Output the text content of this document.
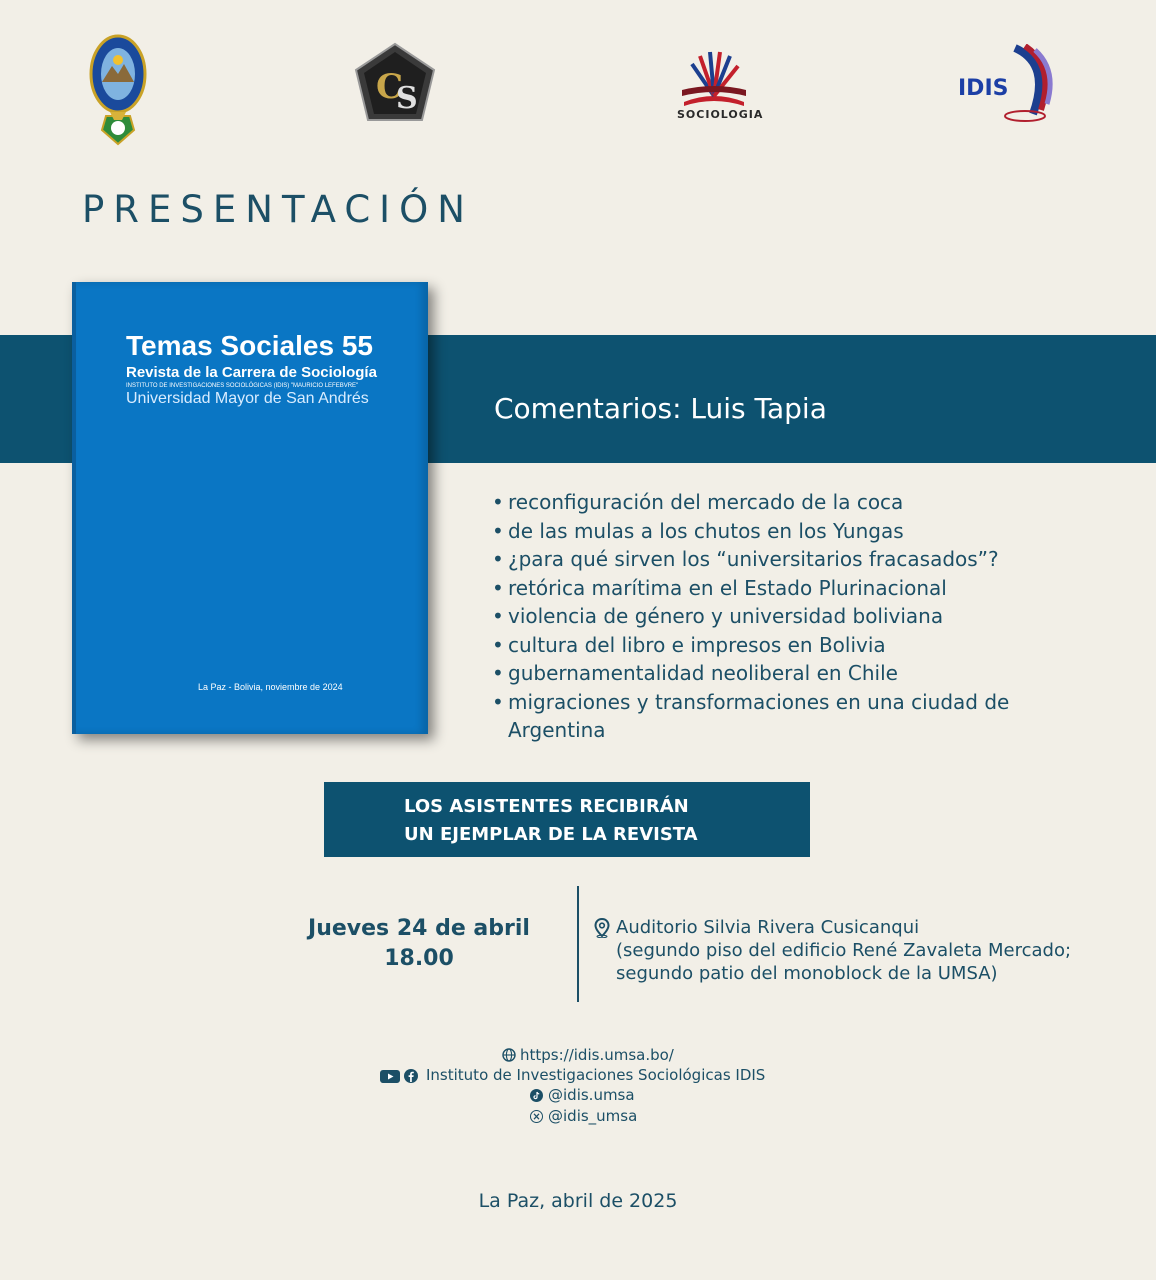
C
S	SOCIOLOGIA
IDIS
PRESENTACIÓN
Comentarios: Luis Tapia
Temas Sociales 55
Revista de la Carrera de Sociología
INSTITUTO DE INVESTIGACIONES SOCIOLÓGICAS (IDIS) "MAURICIO LEFEBVRE"
Universidad Mayor de San Andrés
La Paz - Bolivia, noviembre de 2024
• reconfiguración del mercado de la coca
• de las mulas a los chutos en los Yungas
• ¿para qué sirven los “universitarios fracasados”?
• retórica marítima en el Estado Plurinacional
• violencia de género y universidad boliviana
• cultura del libro e impresos en Bolivia
• gubernamentalidad neoliberal en Chile
• migraciones y transformaciones en una ciudad de Argentina
LOS ASISTENTES RECIBIRÁN
UN EJEMPLAR DE LA REVISTA
Jueves 24 de abril
18.00
Auditorio Silvia Rivera Cusicanqui
(segundo piso del edificio René Zavaleta Mercado;
segundo patio del monoblock de la UMSA)
https://idis.umsa.bo/
Instituto de Investigaciones Sociológicas IDIS
@idis.umsa
@idis_umsa
La Paz, abril de 2025
